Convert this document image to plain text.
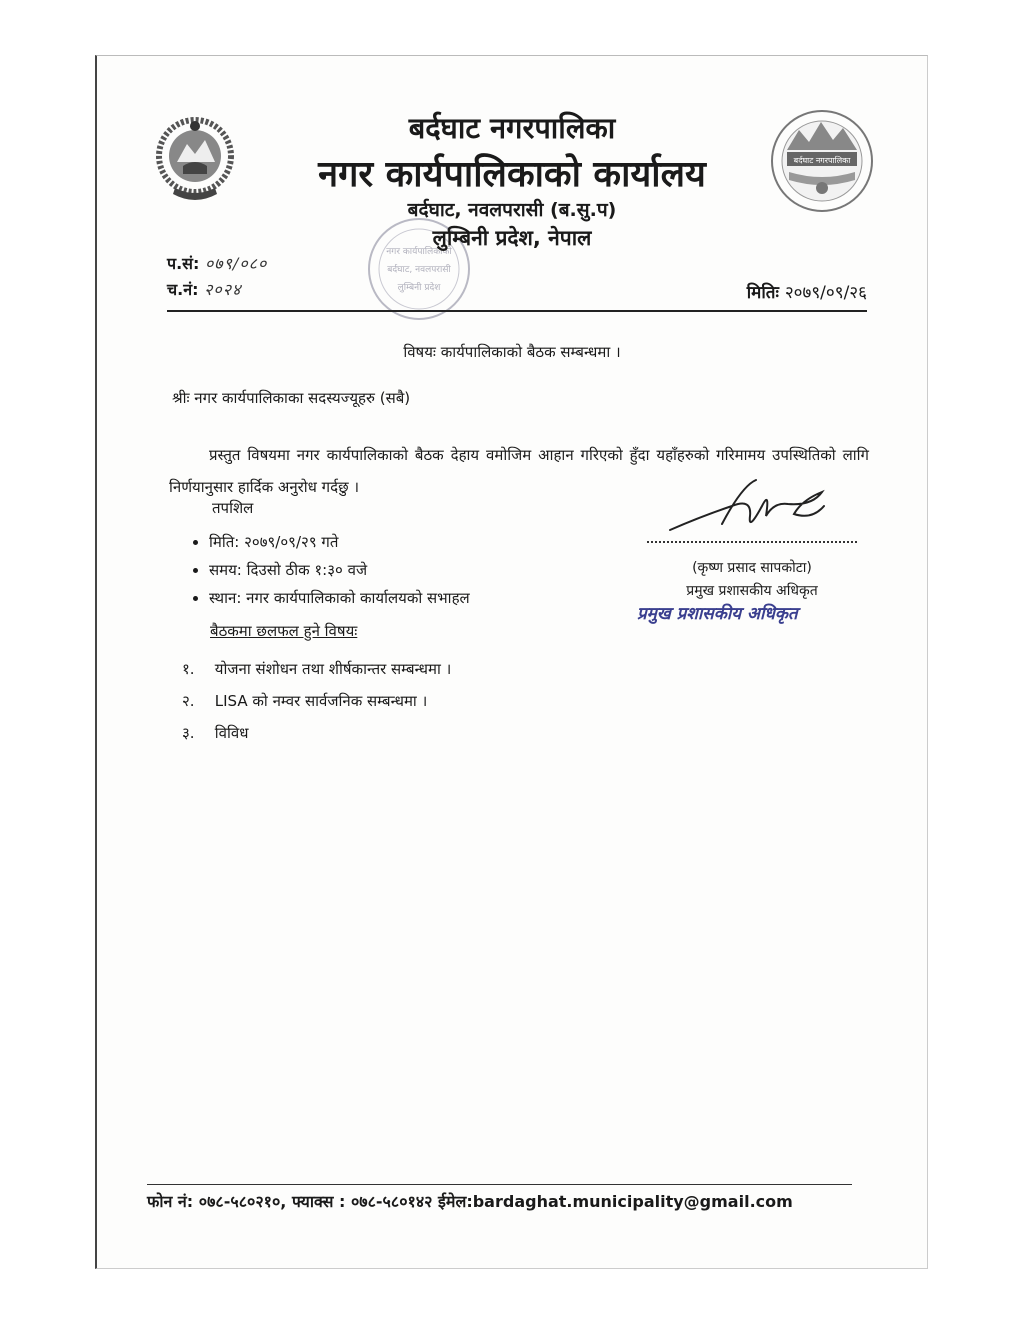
बर्दघाट नगरपालिका
नगर कार्यपालिकाको
बर्दघाट, नवलपरासी
लुम्बिनी प्रदेश
बर्दघाट नगरपालिका
नगर कार्यपालिकाको कार्यालय
बर्दघाट, नवलपरासी (ब.सु.प)
लुम्बिनी प्रदेश, नेपाल
प.सं: ०७९/०८०
च.नं: २०२४	मितिः २०७९/०९/२६
विषयः कार्यपालिकाको बैठक सम्बन्धमा ।
श्रीः नगर कार्यपालिकाका सदस्यज्यूहरु (सबै)
प्रस्तुत विषयमा नगर कार्यपालिकाको बैठक देहाय वमोजिम आहान गरिएको हुँदा यहाँहरुको गरिमामय उपस्थितिको लागि निर्णयानुसार हार्दिक अनुरोध गर्दछु ।
तपशिल
• मिति: २०७९/०९/२९ गते
• समय: दिउसो ठीक १:३० वजे
• स्थान: नगर कार्यपालिकाको कार्यालयको सभाहल
बैठकमा छलफल हुने विषयः
१. योजना संशोधन तथा शीर्षकान्तर सम्बन्धमा ।
२. LISA को नम्वर सार्वजनिक सम्बन्धमा ।
३. विविध
(कृष्ण प्रसाद सापकोटा)
प्रमुख प्रशासकीय अधिकृत
प्रमुख प्रशासकीय अधिकृत
फोन नं: ०७८-५८०२१०, फ्याक्स : ०७८-५८०१४२ ईमेल:bardaghat.municipality@gmail.com
